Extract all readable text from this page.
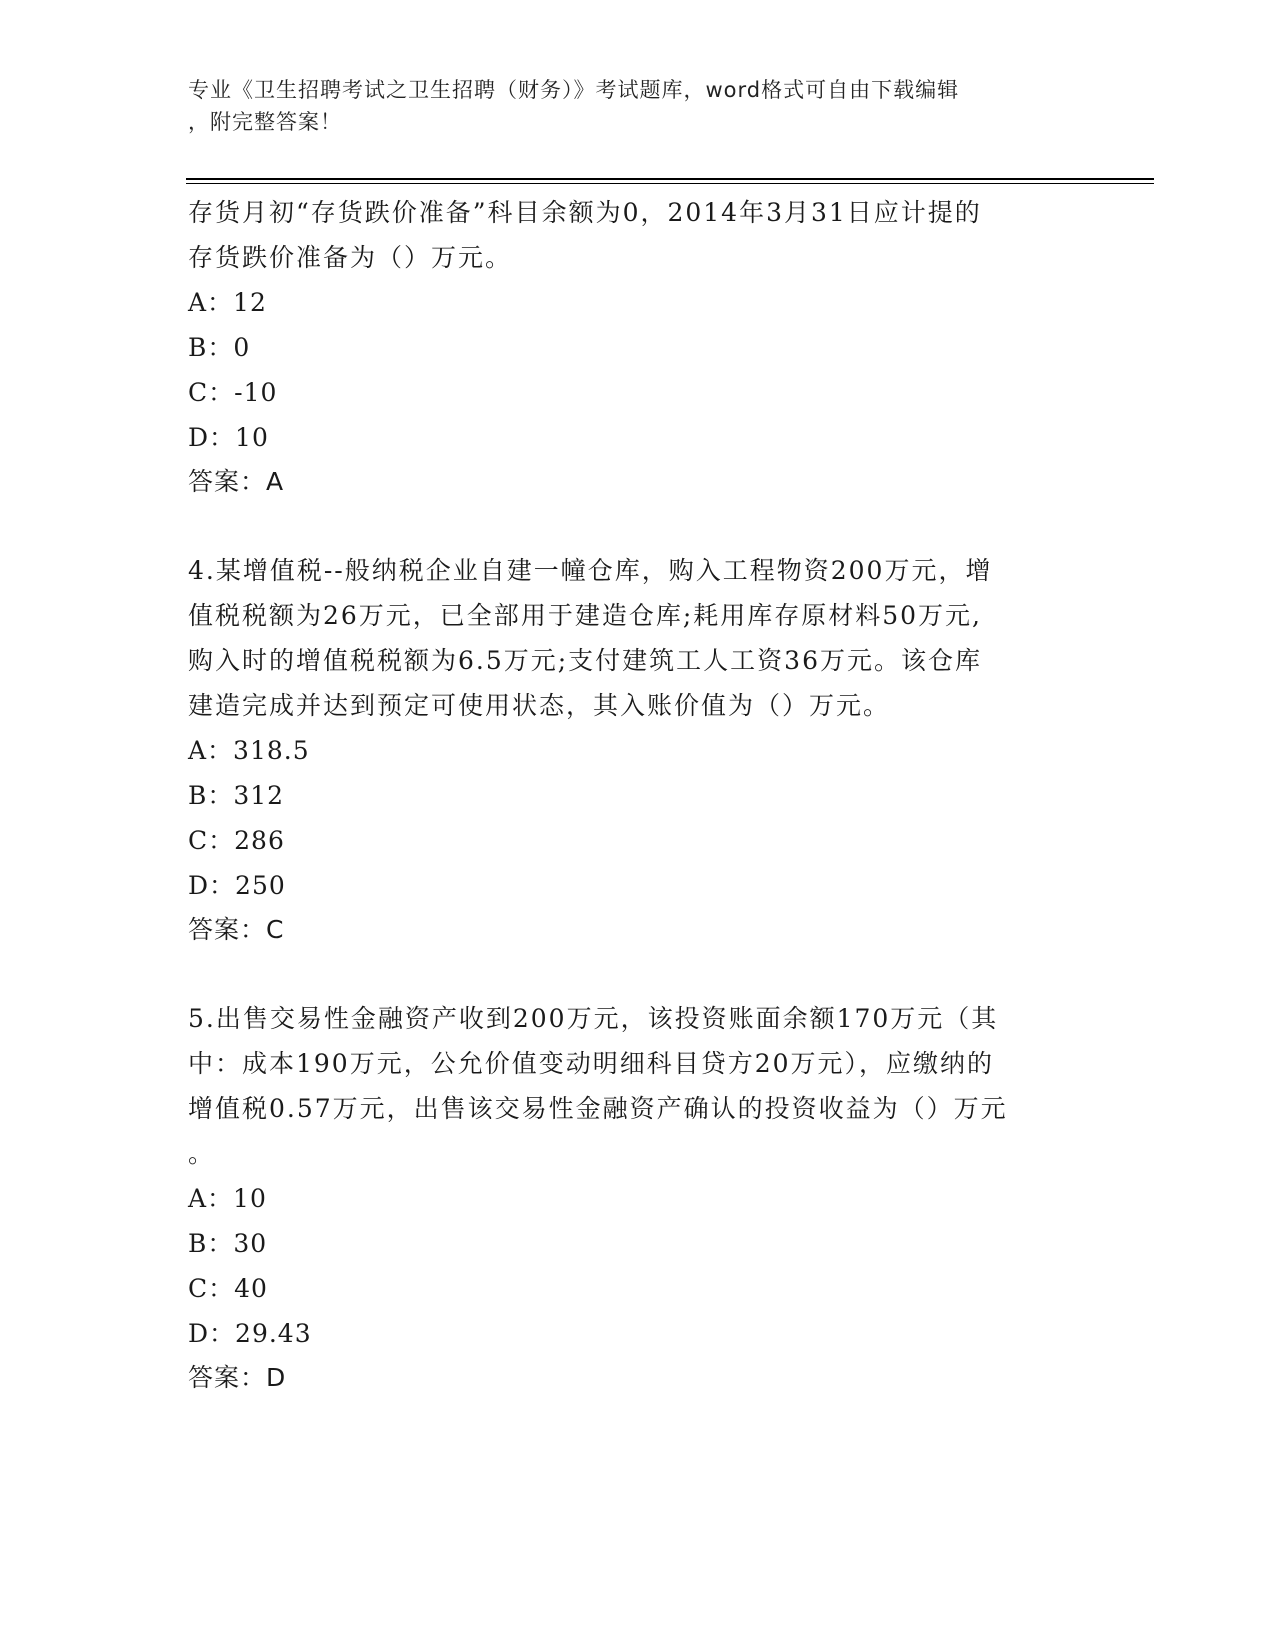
专业《卫生招聘考试之卫生招聘（财务）》考试题库，word格式可自由下载编辑
，附完整答案！

存货月初“存货跌价准备”科目余额为0，2014年3月31日应计提的

存货跌价准备为（）万元。

A：12

B：0

C：-10

D：10

答案：A

4.某增值税--般纳税企业自建一幢仓库，购入工程物资200万元，增

值税税额为26万元，已全部用于建造仓库;耗用库存原材料50万元,

购入时的增值税税额为6.5万元;支付建筑工人工资36万元。该仓库

建造完成并达到预定可使用状态，其入账价值为（）万元。

A：318.5

B：312

C：286

D：250

答案：C

5.出售交易性金融资产收到200万元，该投资账面余额170万元（其

中：成本190万元，公允价值变动明细科目贷方20万元），应缴纳的

增值税0.57万元，出售该交易性金融资产确认的投资收益为（）万元

。

A：10

B：30

C：40

D：29.43

答案：D
